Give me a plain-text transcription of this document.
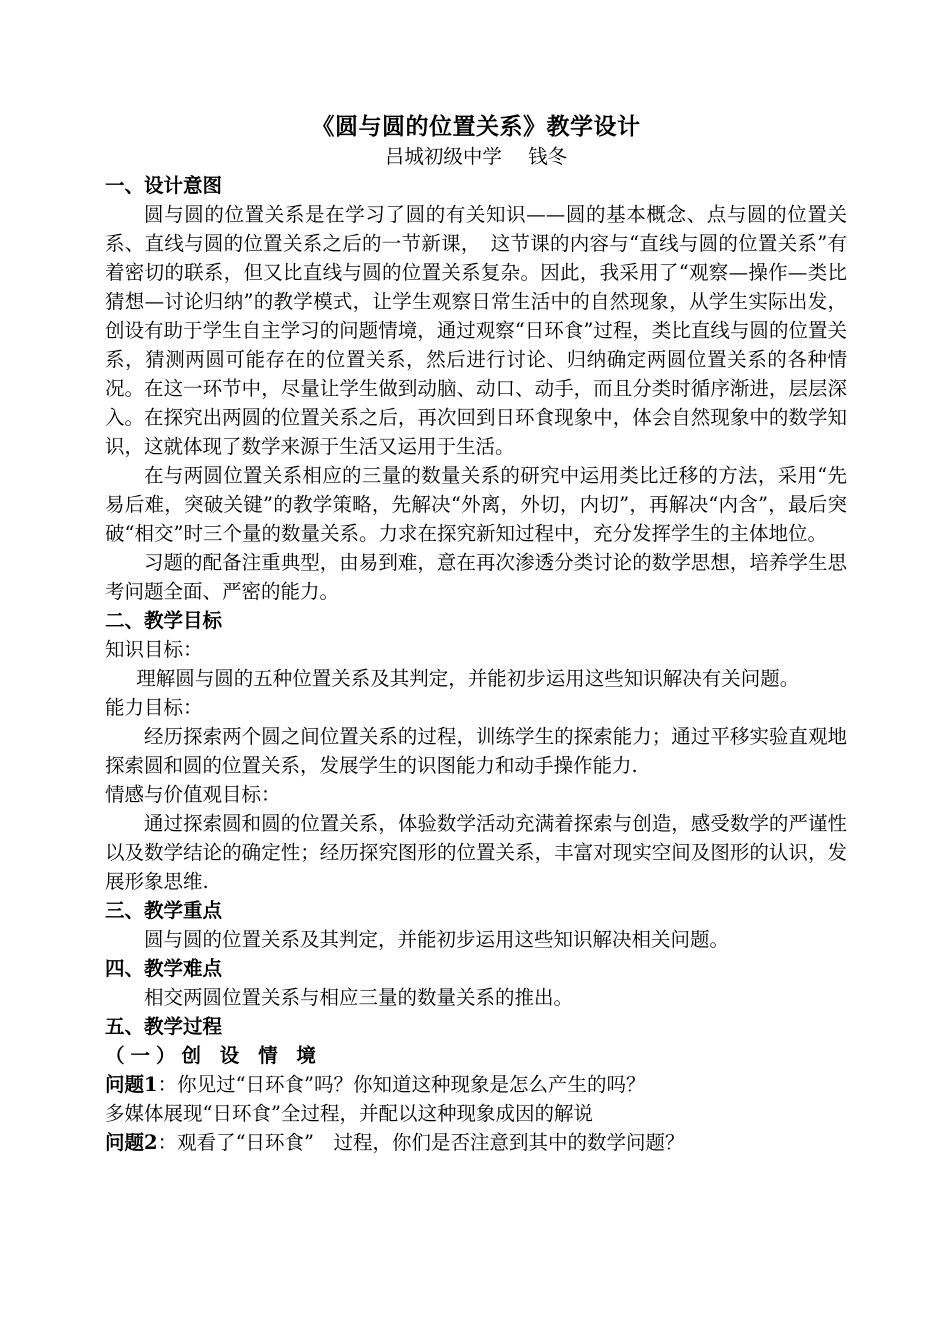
《圆与圆的位置关系》教学设计
吕城初级中学 钱冬
一、设计意图

圆与圆的位置关系是在学习了圆的有关知识——圆的基本概念、点与圆的位置关系、直线与圆的位置关系之后的一节新课，　这节课的内容与“直线与圆的位置关系”有着密切的联系，但又比直线与圆的位置关系复杂。因此，我采用了“观察—操作—类比猜想—讨论归纳”的教学模式，让学生观察日常生活中的自然现象，从学生实际出发，创设有助于学生自主学习的问题情境，通过观察“日环食”过程，类比直线与圆的位置关系，猜测两圆可能存在的位置关系，然后进行讨论、归纳确定两圆位置关系的各种情况。在这一环节中，尽量让学生做到动脑、动口、动手，而且分类时循序渐进，层层深入。在探究出两圆的位置关系之后，再次回到日环食现象中，体会自然现象中的数学知识，这就体现了数学来源于生活又运用于生活。

在与两圆位置关系相应的三量的数量关系的研究中运用类比迁移的方法，采用“先易后难，突破关键”的教学策略，先解决“外离，外切，内切”，再解决“内含”，最后突破“相交”时三个量的数量关系。力求在探究新知过程中，充分发挥学生的主体地位。

习题的配备注重典型，由易到难，意在再次渗透分类讨论的数学思想，培养学生思考问题全面、严密的能力。

二、教学目标

知识目标：

理解圆与圆的五种位置关系及其判定，并能初步运用这些知识解决有关问题。

能力目标：

经历探索两个圆之间位置关系的过程，训练学生的探索能力；通过平移实验直观地探索圆和圆的位置关系，发展学生的识图能力和动手操作能力.

情感与价值观目标：

通过探索圆和圆的位置关系，体验数学活动充满着探索与创造，感受数学的严谨性以及数学结论的确定性；经历探究图形的位置关系，丰富对现实空间及图形的认识，发展形象思维.

三、教学重点

圆与圆的位置关系及其判定，并能初步运用这些知识解决相关问题。

四、教学难点

相交两圆位置关系与相应三量的数量关系的推出。

五、教学过程
（一）创 设 情 境

问题1：你见过“日环食”吗？你知道这种现象是怎么产生的吗？

多媒体展现“日环食”全过程，并配以这种现象成因的解说

问题2：观看了“日环食”　过程，你们是否注意到其中的数学问题？
